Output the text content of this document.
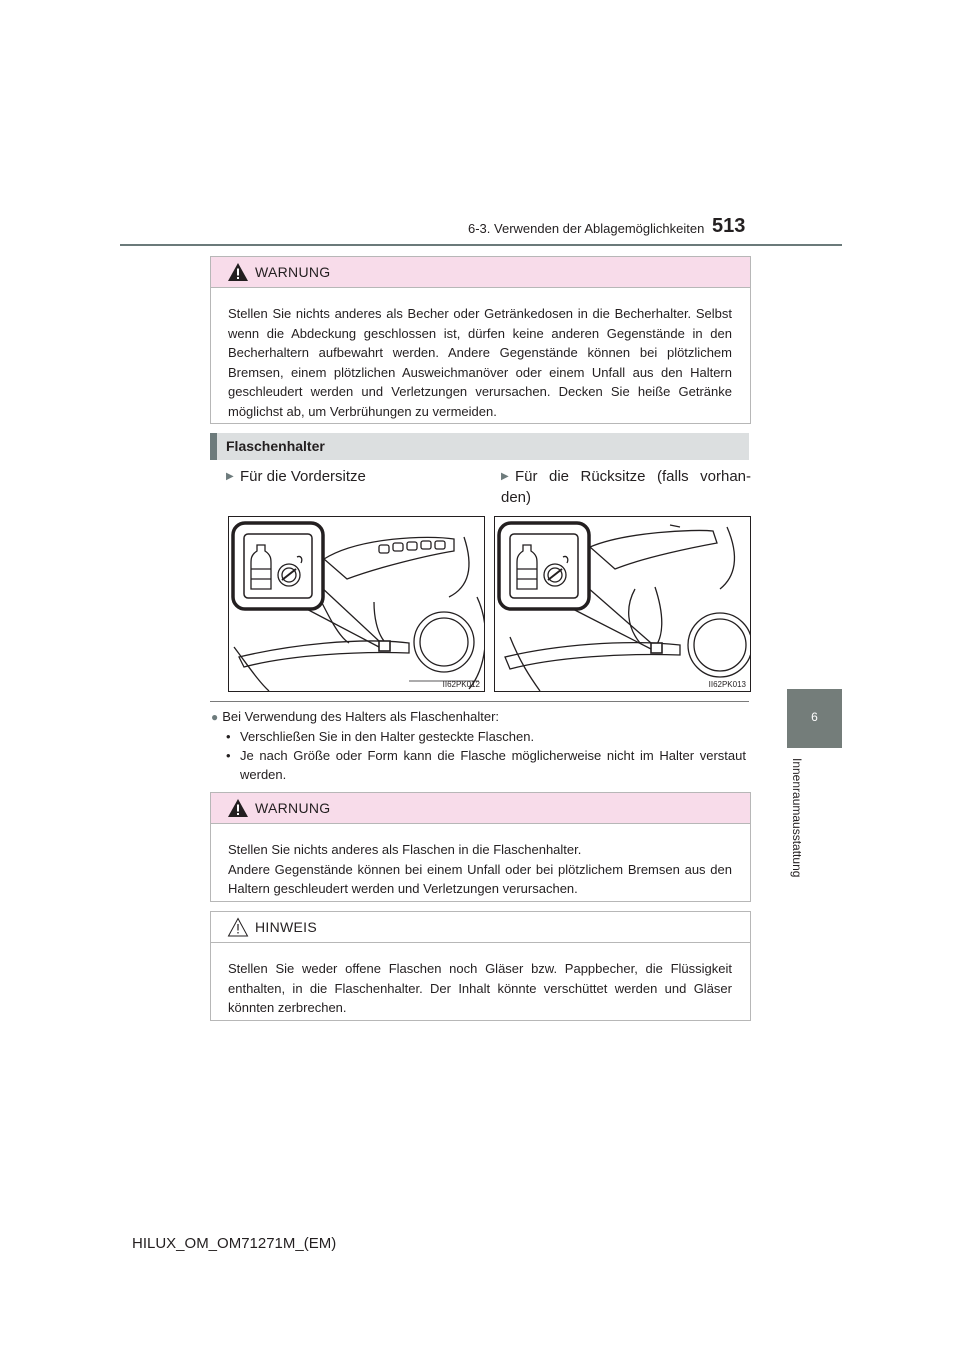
6-3. Verwenden der Ablagemöglichkeiten 513
6
Innenraumausstattung
WARNUNG

Stellen Sie nichts anderes als Becher oder Getränkedosen in die Becherhalter. Selbst wenn die Abdeckung geschlossen ist, dürfen keine anderen Gegenstände in den Becherhaltern aufbewahrt werden. Andere Gegenstände können bei plötzlichem Bremsen, einem plötzlichen Ausweichmanöver oder einem Unfall aus den Haltern geschleudert werden und Verletzungen verursachen. Decken Sie heiße Getränke möglichst ab, um Verbrühungen zu vermeiden.

Flaschenhalter
▶ Für die Vordersitze	▶ Für die Rücksitze (falls vorhan-den)
II62PK012	II62PK013
● Bei Verwendung des Halters als Flaschenhalter:
• Verschließen Sie in den Halter gesteckte Flaschen.
• Je nach Größe oder Form kann die Flasche möglicherweise nicht im Halter verstaut werden.
WARNUNG

Stellen Sie nichts anderes als Flaschen in die Flaschenhalter.

Andere Gegenstände können bei einem Unfall oder bei plötzlichem Bremsen aus den Haltern geschleudert werden und Verletzungen verursachen.

HINWEIS

Stellen Sie weder offene Flaschen noch Gläser bzw. Pappbecher, die Flüssigkeit enthalten, in die Flaschenhalter. Der Inhalt könnte verschüttet werden und Gläser könnten zerbrechen.

HILUX_OM_OM71271M_(EM)
